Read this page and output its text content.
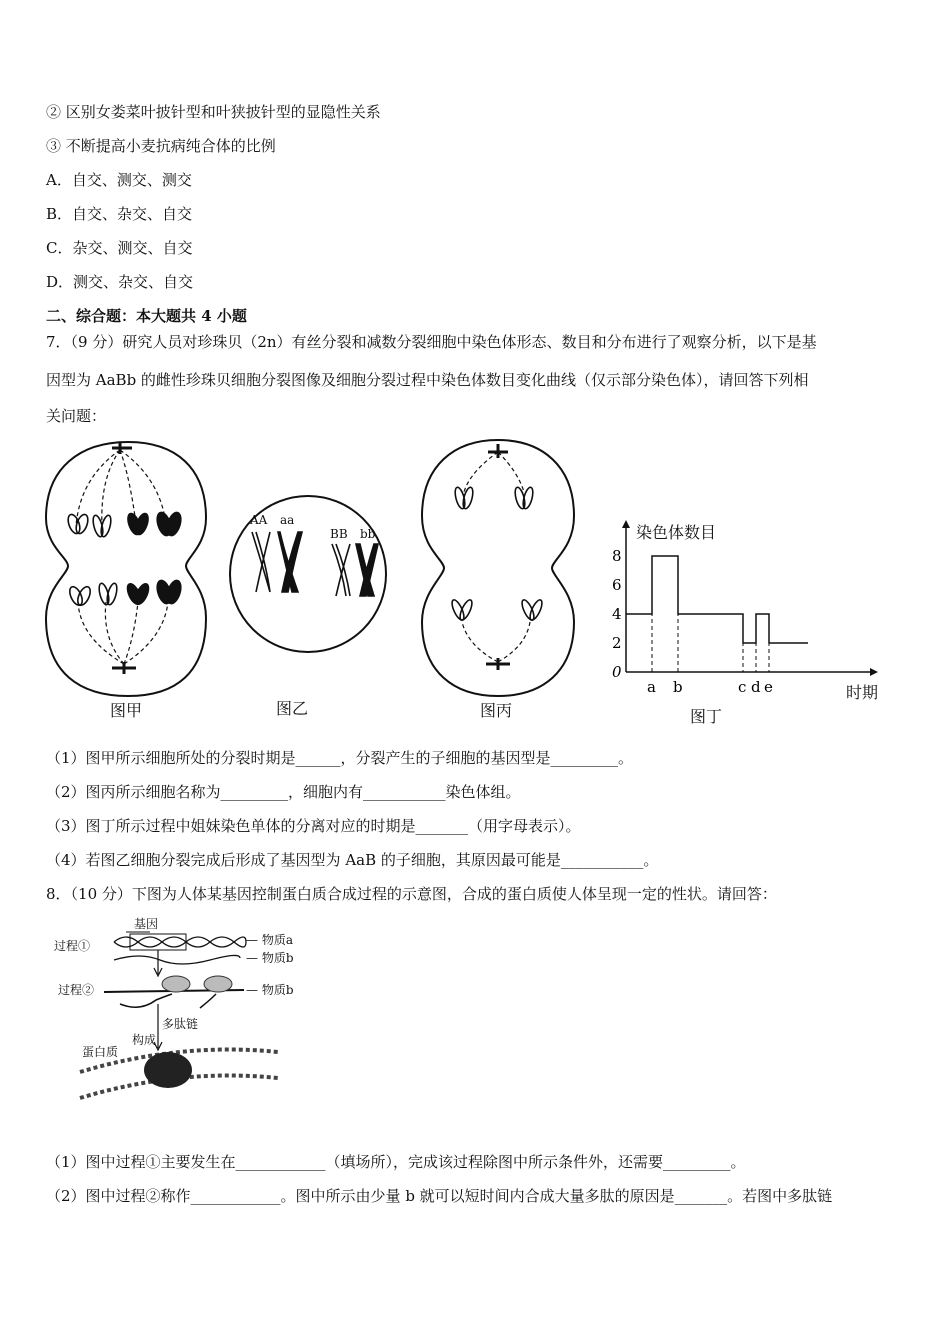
② 区别女娄菜叶披针型和叶狭披针型的显隐性关系
③ 不断提高小麦抗病纯合体的比例
A．自交、测交、测交
B．自交、杂交、自交
C．杂交、测交、自交
D．测交、杂交、自交
二、综合题：本大题共 4 小题
7．（9 分）研究人员对珍珠贝（2n）有丝分裂和减数分裂细胞中染色体形态、数目和分布进行了观察分析，以下是基
因型为 AaBb 的雌性珍珠贝细胞分裂图像及细胞分裂过程中染色体数目变化曲线（仅示部分染色体），请回答下列相
关问题：
图甲
AA aa
BB bb
图乙	图丙
染色体数目
时期
图丁
0
2
4
6
8
a b	c d e
（1）图甲所示细胞所处的分裂时期是______，分裂产生的子细胞的基因型是_________。
（2）图丙所示细胞名称为_________，细胞内有___________染色体组。
（3）图丁所示过程中姐妹染色单体的分离对应的时期是_______（用字母表示）。
（4）若图乙细胞分裂完成后形成了基因型为 AaB 的子细胞，其原因最可能是___________。
8．（10 分）下图为人体某基因控制蛋白质合成过程的示意图，合成的蛋白质使人体呈现一定的性状。请回答：
基因
过程①
过程②
— 物质a
— 物质b
— 物质b
多肽链
构成
蛋白质
（1）图中过程①主要发生在____________（填场所），完成该过程除图中所示条件外，还需要_________。
（2）图中过程②称作____________。图中所示由少量 b 就可以短时间内合成大量多肽的原因是_______。若图中多肽链
